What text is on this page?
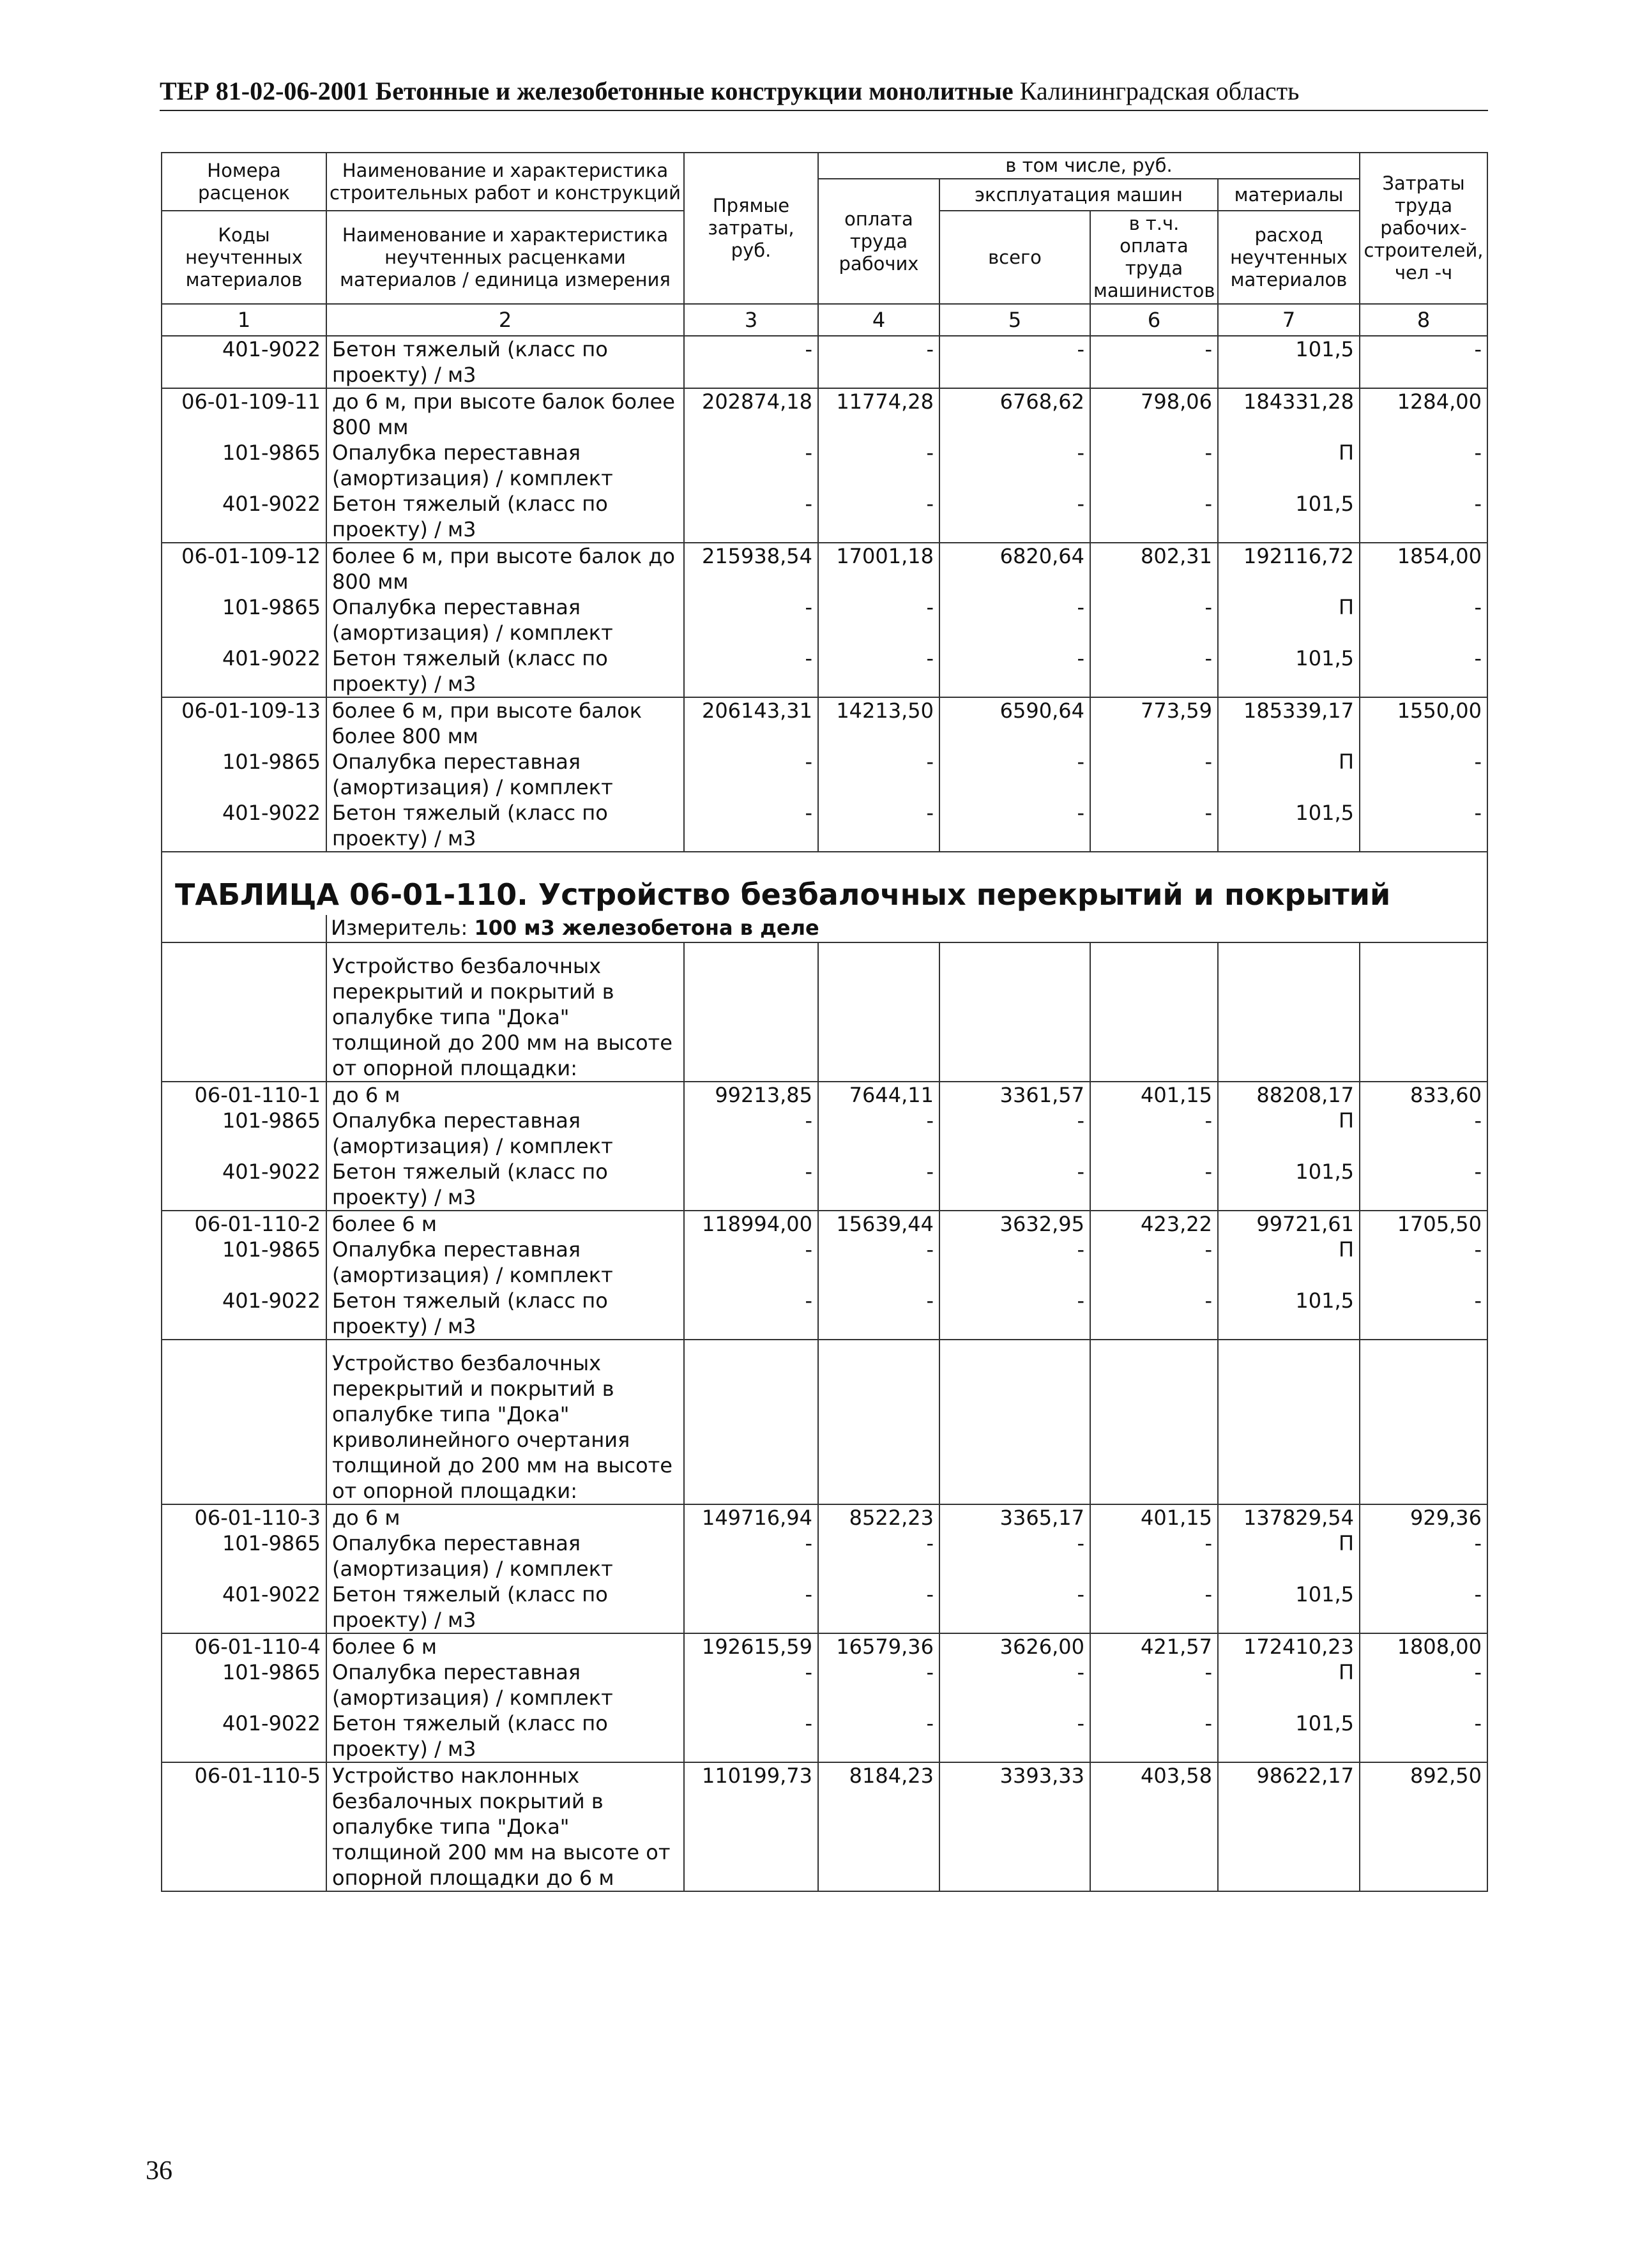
ТЕР 81-02-06-2001 Бетонные и железобетонные конструкции монолитные Калининградская область
Номера расценок	Наименование и характеристика строительных работ и конструкций	Прямые затраты, руб.	в том числе, руб.				Затраты труда рабочих-строителей, чел -ч
			оплата труда рабочих	эксплуатация машин		материалы	
Коды неучтенных материалов	Наименование и характеристика неучтенных расценками материалов / единица измерения			всего	в т.ч. оплата труда машинистов	расход неучтенных материалов	

1	2	3	4	5	6	7	8
401-9022	Бетон тяжелый (класс по проекту) / м3	-	-	-	-	101,5	-
06-01-109-11	до 6 м, при высоте балок более 800 мм	202874,18	11774,28	6768,62	798,06	184331,28	1284,00
101-9865	Опалубка переставная (амортизация) / комплект	-	-	-	-	П	-
401-9022	Бетон тяжелый (класс по проекту) / м3	-	-	-	-	101,5	-
06-01-109-12	более 6 м, при высоте балок до 800 мм	215938,54	17001,18	6820,64	802,31	192116,72	1854,00
101-9865	Опалубка переставная (амортизация) / комплект	-	-	-	-	П	-
401-9022	Бетон тяжелый (класс по проекту) / м3	-	-	-	-	101,5	-
06-01-109-13	более 6 м, при высоте балок более 800 мм	206143,31	14213,50	6590,64	773,59	185339,17	1550,00
101-9865	Опалубка переставная (амортизация) / комплект	-	-	-	-	П	-
401-9022	Бетон тяжелый (класс по проекту) / м3	-	-	-	-	101,5	-
ТАБЛИЦА 06-01-110. Устройство безбалочных перекрытий и покрытий							
	Измеритель: 100 м3 железобетона в деле						
	Устройство безбалочных перекрытий и покрытий в опалубке типа "Дока" толщиной до 200 мм на высоте от опорной площадки:						
06-01-110-1	до 6 м	99213,85	7644,11	3361,57	401,15	88208,17	833,60
101-9865	Опалубка переставная (амортизация) / комплект	-	-	-	-	П	-
401-9022	Бетон тяжелый (класс по проекту) / м3	-	-	-	-	101,5	-
06-01-110-2	более 6 м	118994,00	15639,44	3632,95	423,22	99721,61	1705,50
101-9865	Опалубка переставная (амортизация) / комплект	-	-	-	-	П	-
401-9022	Бетон тяжелый (класс по проекту) / м3	-	-	-	-	101,5	-
	Устройство безбалочных перекрытий и покрытий в опалубке типа "Дока" криволинейного очертания толщиной до 200 мм на высоте от опорной площадки:						
06-01-110-3	до 6 м	149716,94	8522,23	3365,17	401,15	137829,54	929,36
101-9865	Опалубка переставная (амортизация) / комплект	-	-	-	-	П	-
401-9022	Бетон тяжелый (класс по проекту) / м3	-	-	-	-	101,5	-
06-01-110-4	более 6 м	192615,59	16579,36	3626,00	421,57	172410,23	1808,00
101-9865	Опалубка переставная (амортизация) / комплект	-	-	-	-	П	-
401-9022	Бетон тяжелый (класс по проекту) / м3	-	-	-	-	101,5	-
06-01-110-5	Устройство наклонных безбалочных покрытий в опалубке типа "Дока" толщиной 200 мм на высоте от опорной площадки до 6 м	110199,73	8184,23	3393,33	403,58	98622,17	892,50
36
